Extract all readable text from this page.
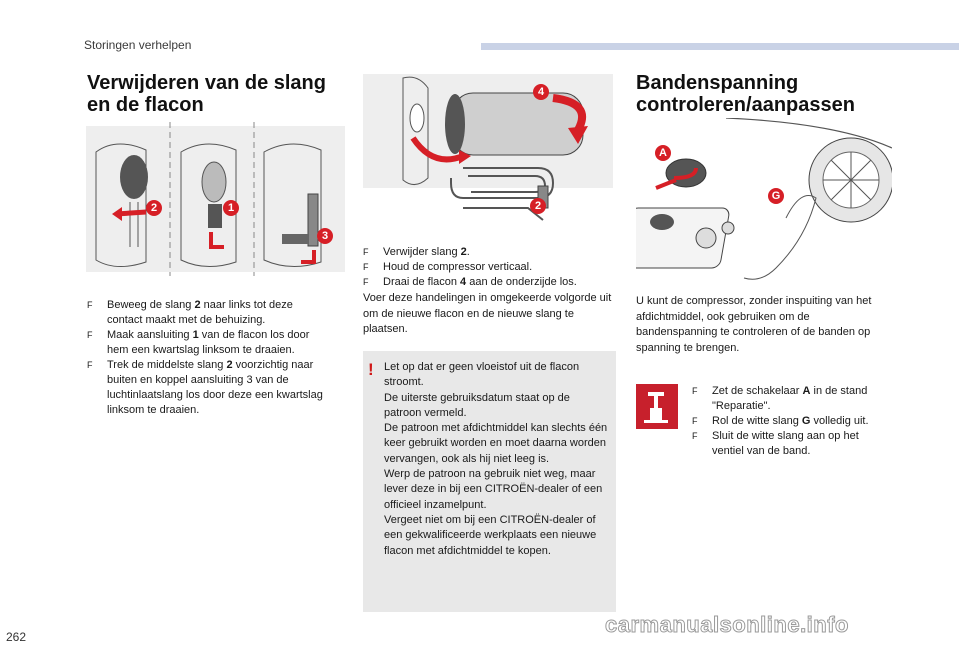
Storingen verhelpen
Verwijderen van de slang
en de flacon
2	1
3
F Beweeg de slang 2 naar links tot deze contact maakt met de behuizing.
F Maak aansluiting 1 van de flacon los door hem een kwartslag linksom te draaien.
F Trek de middelste slang 2 voorzichtig naar buiten en koppel aansluiting 3 van de luchtinlaatslang los door deze een kwartslag linksom te draaien.
4
2
F Verwijder slang 2.
F Houd de compressor verticaal.
F Draai de flacon 4 aan de onderzijde los.
Voer deze handelingen in omgekeerde volgorde uit om de nieuwe flacon en de nieuwe slang te plaatsen.
! Let op dat er geen vloeistof uit de flacon stroomt.
De uiterste gebruiksdatum staat op de patroon vermeld.
De patroon met afdichtmiddel kan slechts één keer gebruikt worden en moet daarna worden vervangen, ook als hij niet leeg is.
Werp de patroon na gebruik niet weg, maar lever deze in bij een CITROËN-dealer of een officieel inzamelpunt.
Vergeet niet om bij een CITROËN-dealer of een gekwalificeerde werkplaats een nieuwe flacon met afdichtmiddel te kopen.
Bandenspanning
controleren/aanpassen
A
G
U kunt de compressor, zonder inspuiting van het afdichtmiddel, ook gebruiken om de bandenspanning te controleren of de banden op spanning te brengen.
F Zet de schakelaar A in de stand "Reparatie".
F Rol de witte slang G volledig uit.
F Sluit de witte slang aan op het ventiel van de band.
262	carmanualsonline.info
